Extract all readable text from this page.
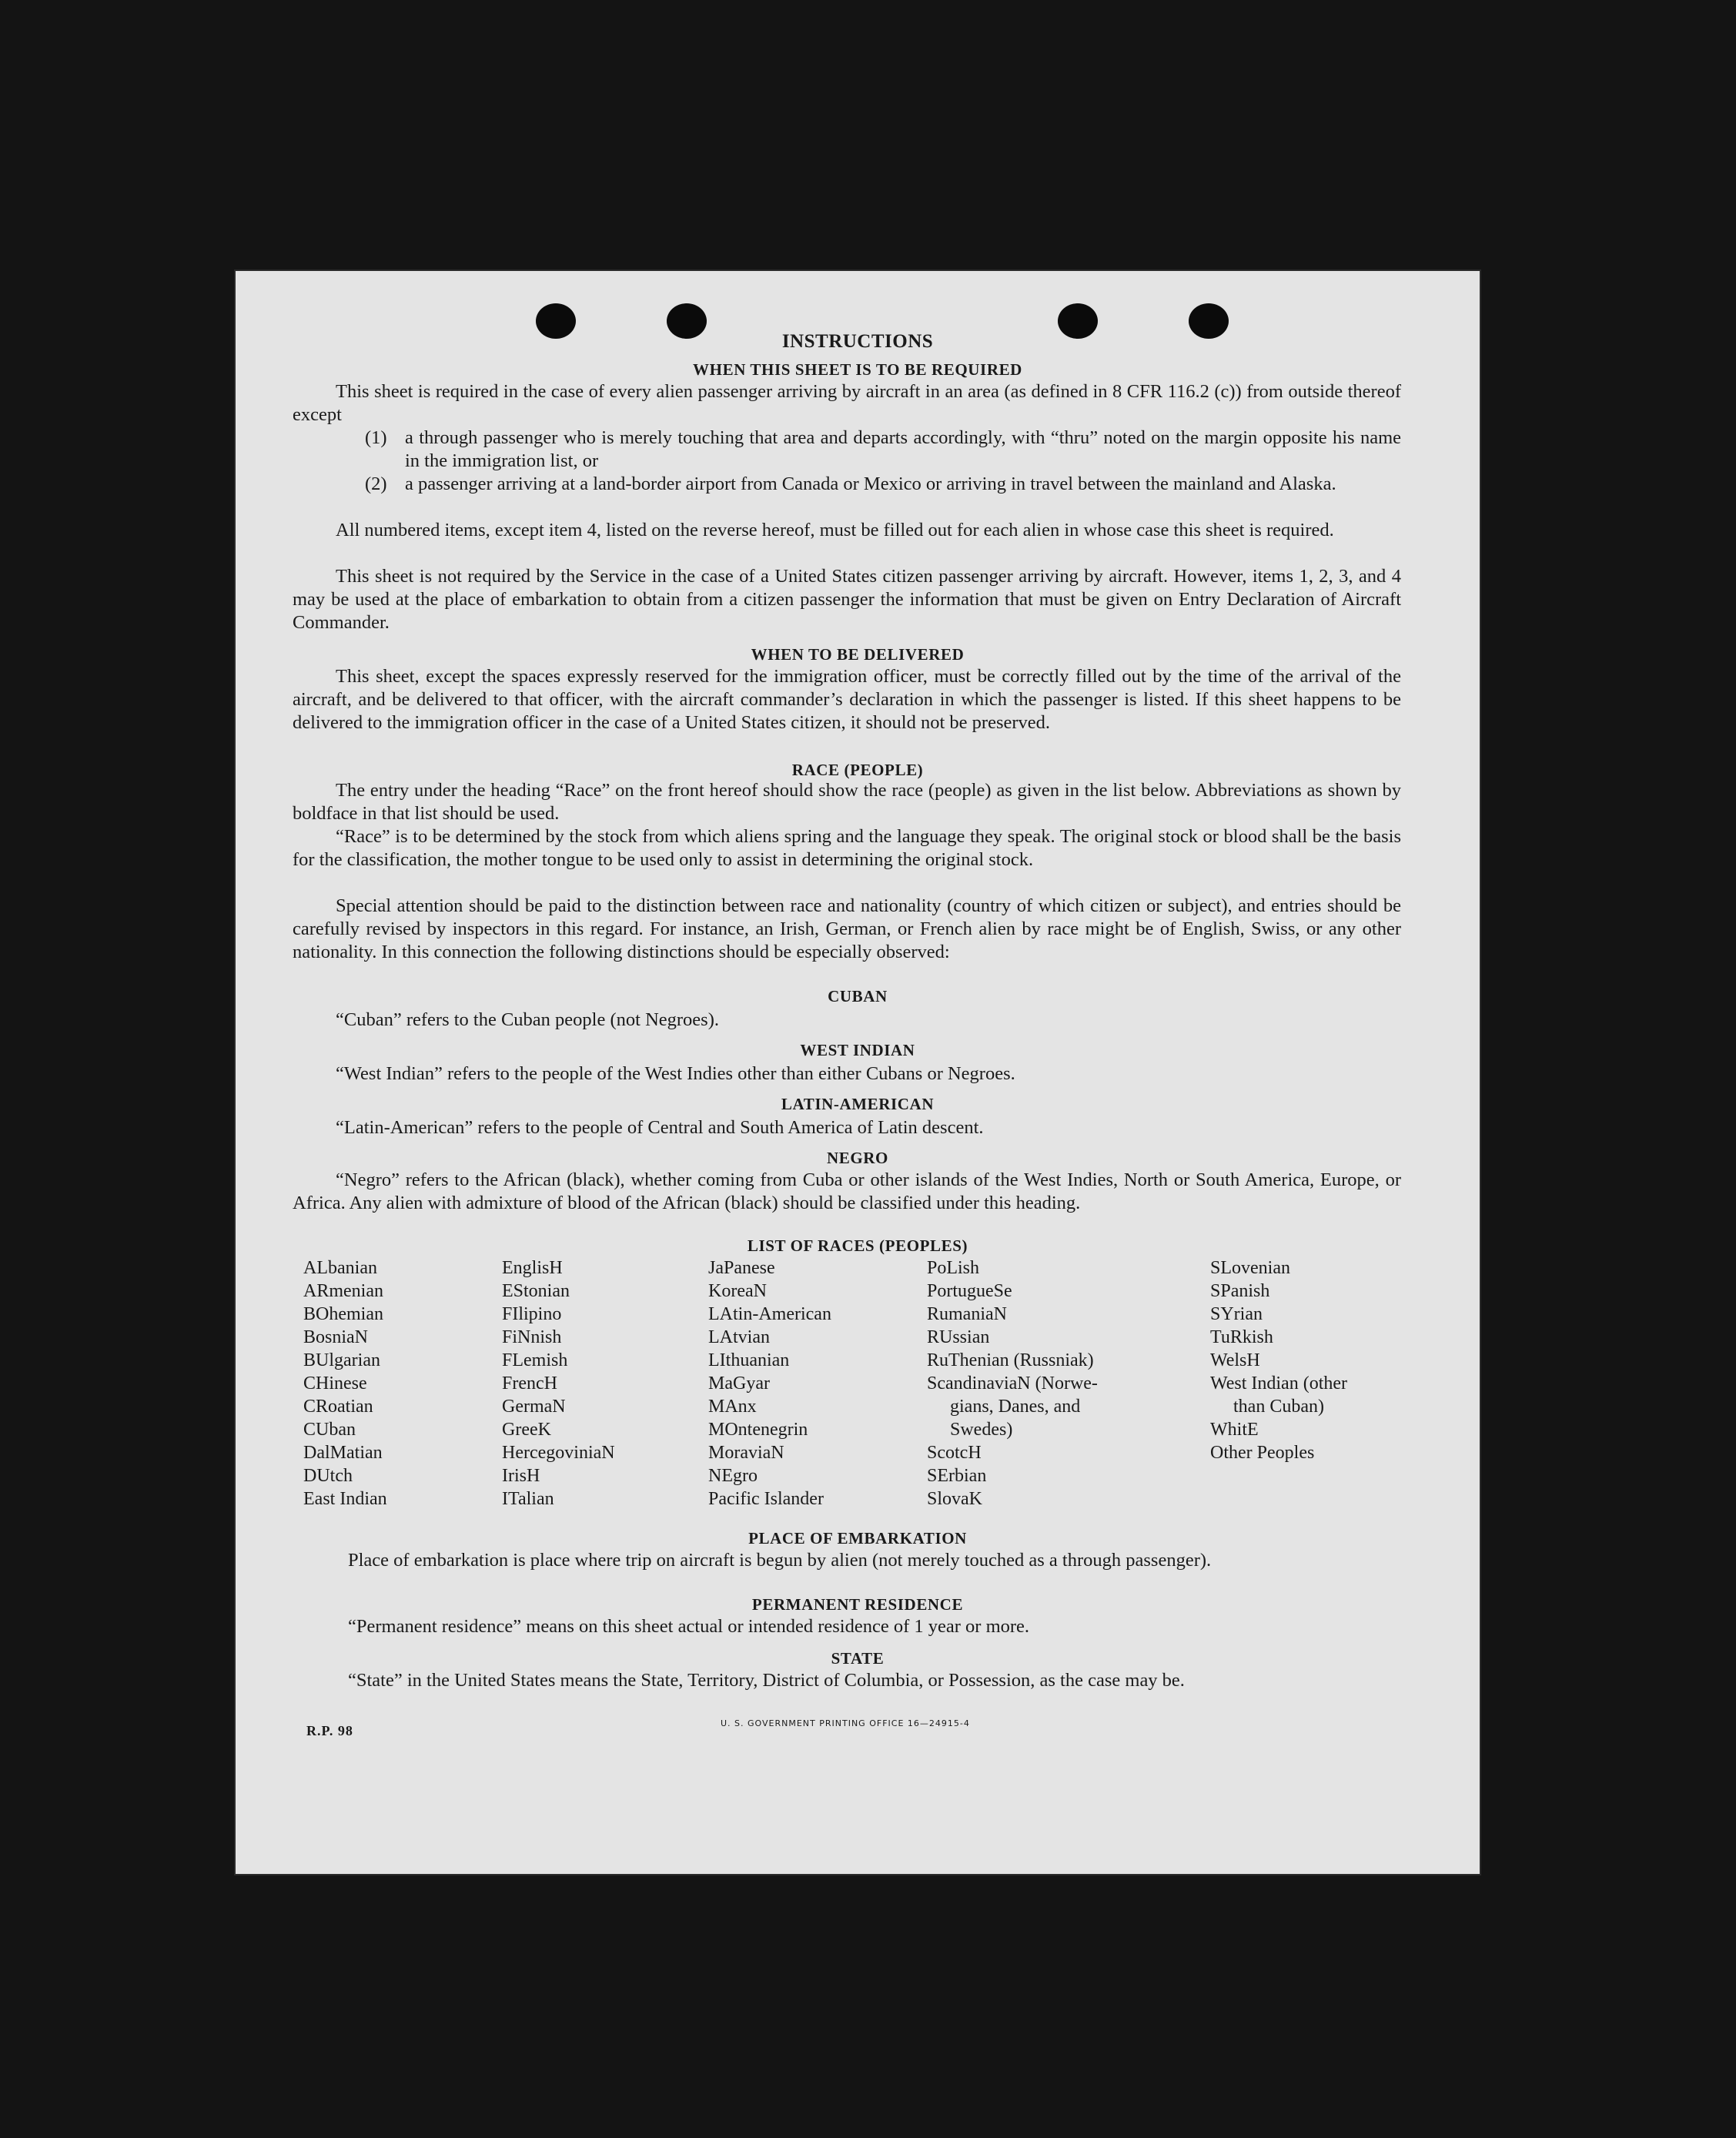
INSTRUCTIONS
WHEN THIS SHEET IS TO BE REQUIRED
This sheet is required in the case of every alien passenger arriving by aircraft in an area (as defined in 8 CFR 116.2 (c)) from outside thereof except
(1) a through passenger who is merely touching that area and departs accordingly, with “thru” noted on the margin opposite his name in the immigration list, or
(2) a passenger arriving at a land-border airport from Canada or Mexico or arriving in travel between the mainland and Alaska.
All numbered items, except item 4, listed on the reverse hereof, must be filled out for each alien in whose case this sheet is required.
This sheet is not required by the Service in the case of a United States citizen passenger arriving by aircraft. However, items 1, 2, 3, and 4 may be used at the place of embarkation to obtain from a citizen passenger the information that must be given on Entry Declaration of Aircraft Commander.
WHEN TO BE DELIVERED
This sheet, except the spaces expressly reserved for the immigration officer, must be correctly filled out by the time of the arrival of the aircraft, and be delivered to that officer, with the aircraft commander’s declaration in which the passenger is listed. If this sheet happens to be delivered to the immigration officer in the case of a United States citizen, it should not be preserved.
RACE (PEOPLE)
The entry under the heading “Race” on the front hereof should show the race (people) as given in the list below. Abbreviations as shown by boldface in that list should be used.
“Race” is to be determined by the stock from which aliens spring and the language they speak. The original stock or blood shall be the basis for the classification, the mother tongue to be used only to assist in determining the original stock.
Special attention should be paid to the distinction between race and nationality (country of which citizen or subject), and entries should be carefully revised by inspectors in this regard. For instance, an Irish, German, or French alien by race might be of English, Swiss, or any other nationality. In this connection the following distinctions should be especially observed:
CUBAN
“Cuban” refers to the Cuban people (not Negroes).
WEST INDIAN
“West Indian” refers to the people of the West Indies other than either Cubans or Negroes.
LATIN-AMERICAN
“Latin-American” refers to the people of Central and South America of Latin descent.
NEGRO
“Negro” refers to the African (black), whether coming from Cuba or other islands of the West Indies, North or South America, Europe, or Africa. Any alien with admixture of blood of the African (black) should be classified under this heading.
LIST OF RACES (PEOPLES)
ALbanian
ARmenian
BOhemian
BosniaN
BUlgarian
CHinese
CRoatian
CUban
DalMatian
DUtch
East Indian
EnglisH
EStonian
FIlipino
FiNnish
FLemish
FrencH
GermaN
GreeK
HercegoviniaN
IrisH
ITalian
JaPanese
KoreaN
LAtin-American
LAtvian
LIthuanian
MaGyar
MAnx
MOntenegrin
MoraviaN
NEgro
Pacific Islander
PoLish
PortugueSe
RumaniaN
RUssian
RuThenian (Russniak)
ScandinaviaN (Norwe-
gians, Danes, and
Swedes)
ScotcH
SErbian
SlovaK
SLovenian
SPanish
SYrian
TuRkish
WelsH
West Indian (other
than Cuban)
WhitE
Other Peoples
PLACE OF EMBARKATION
Place of embarkation is place where trip on aircraft is begun by alien (not merely touched as a through passenger).
PERMANENT RESIDENCE
“Permanent residence” means on this sheet actual or intended residence of 1 year or more.
STATE
“State” in the United States means the State, Territory, District of Columbia, or Possession, as the case may be.
R.P. 98	U. S. GOVERNMENT PRINTING OFFICE 16—24915-4
